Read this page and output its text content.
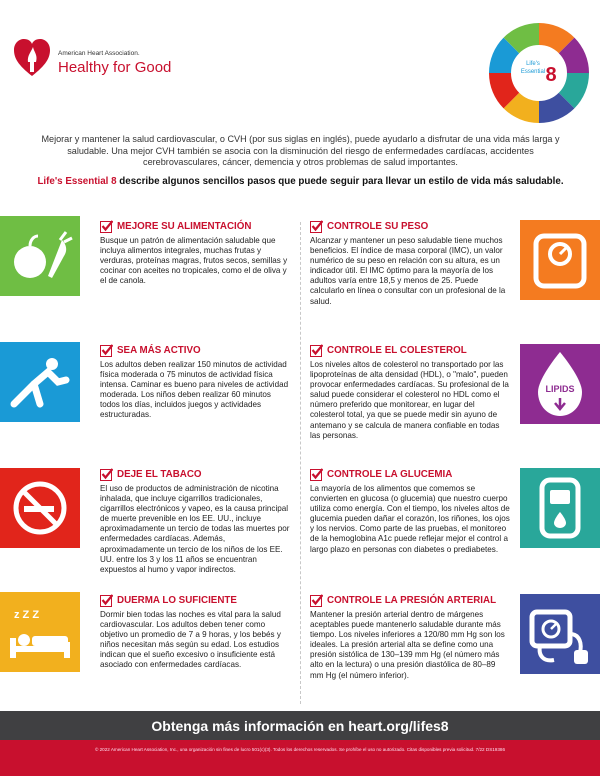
American Heart Association.
Healthy for Good	Life's
Essential 8
Mejorar y mantener la salud cardiovascular, o CVH (por sus siglas en inglés), puede ayudarlo a disfrutar de una vida más larga y saludable. Una mejor CVH también se asocia con la disminución del riesgo de enfermedades cardíacas, accidentes cerebrovasculares, cáncer, demencia y otros problemas de salud importantes.
Life's Essential 8 describe algunos sencillos pasos que puede seguir para llevar un estilo de vida más saludable.
MEJORE SU ALIMENTACIÓN
Busque un patrón de alimentación saludable que incluya alimentos integrales, muchas frutas y verduras, proteínas magras, frutos secos, semillas y cocinar con aceites no tropicales, como el de oliva y el de canola.
CONTROLE SU PESO
Alcanzar y mantener un peso saludable tiene muchos beneficios. El índice de masa corporal (IMC), un valor numérico de su peso en relación con su altura, es un indicador útil. El IMC óptimo para la mayoría de los adultos varía entre 18,5 y menos de 25. Puede calcularlo en línea o consultar con un profesional de la salud.
SEA MÁS ACTIVO
Los adultos deben realizar 150 minutos de actividad física moderada o 75 minutos de actividad física intensa. Caminar es bueno para niveles de actividad moderada. Los niños deben realizar 60 minutos todos los días, incluidos juegos y actividades estructuradas.
CONTROLE EL COLESTEROL
Los niveles altos de colesterol no transportado por las lipoproteínas de alta densidad (HDL), o "malo", pueden provocar enfermedades cardíacas. Su profesional de la salud puede considerar el colesterol no HDL como el número preferido que monitorear, en lugar del colesterol total, ya que se puede medir sin ayuno de antemano y se calcula de manera confiable en todas las personas.
LIPIDS
DEJE EL TABACO
El uso de productos de administración de nicotina inhalada, que incluye cigarrillos tradicionales, cigarrillos electrónicos y vapeo, es la causa principal de muerte prevenible en los EE. UU., incluye aproximadamente un tercio de todas las muertes por enfermedades cardíacas. Además, aproximadamente un tercio de los niños de los EE. UU. entre los 3 y los 11 años se encuentran expuestos al humo y vapor indirectos.
CONTROLE LA GLUCEMIA
La mayoría de los alimentos que comemos se convierten en glucosa (o glucemia) que nuestro cuerpo utiliza como energía. Con el tiempo, los niveles altos de glucemia pueden dañar el corazón, los riñones, los ojos y los nervios. Como parte de las pruebas, el monitoreo de la hemoglobina A1c puede reflejar mejor el control a largo plazo en personas con diabetes o prediabetes.
z Z Z
DUERMA LO SUFICIENTE
Dormir bien todas las noches es vital para la salud cardiovascular. Los adultos deben tener como objetivo un promedio de 7 a 9 horas, y los bebés y niños necesitan más según su edad. Los estudios indican que el sueño excesivo o insuficiente está asociado con enfermedades cardíacas.
CONTROLE LA PRESIÓN ARTERIAL
Mantener la presión arterial dentro de márgenes aceptables puede mantenerlo saludable durante más tiempo. Los niveles inferiores a 120/80 mm Hg son los ideales. La presión arterial alta se define como una presión sistólica de 130–139 mm Hg (el número más alto en la lectura) o una presión diastólica de 80–89 mm Hg (el número inferior).
Obtenga más información en heart.org/lifes8
© 2022 American Heart Association, Inc., una organización sin fines de lucro 501(c)(3). Todos los derechos reservados. Se prohíbe el uso no autorizado. Citas disponibles previa solicitud. 7/22 DS19386
